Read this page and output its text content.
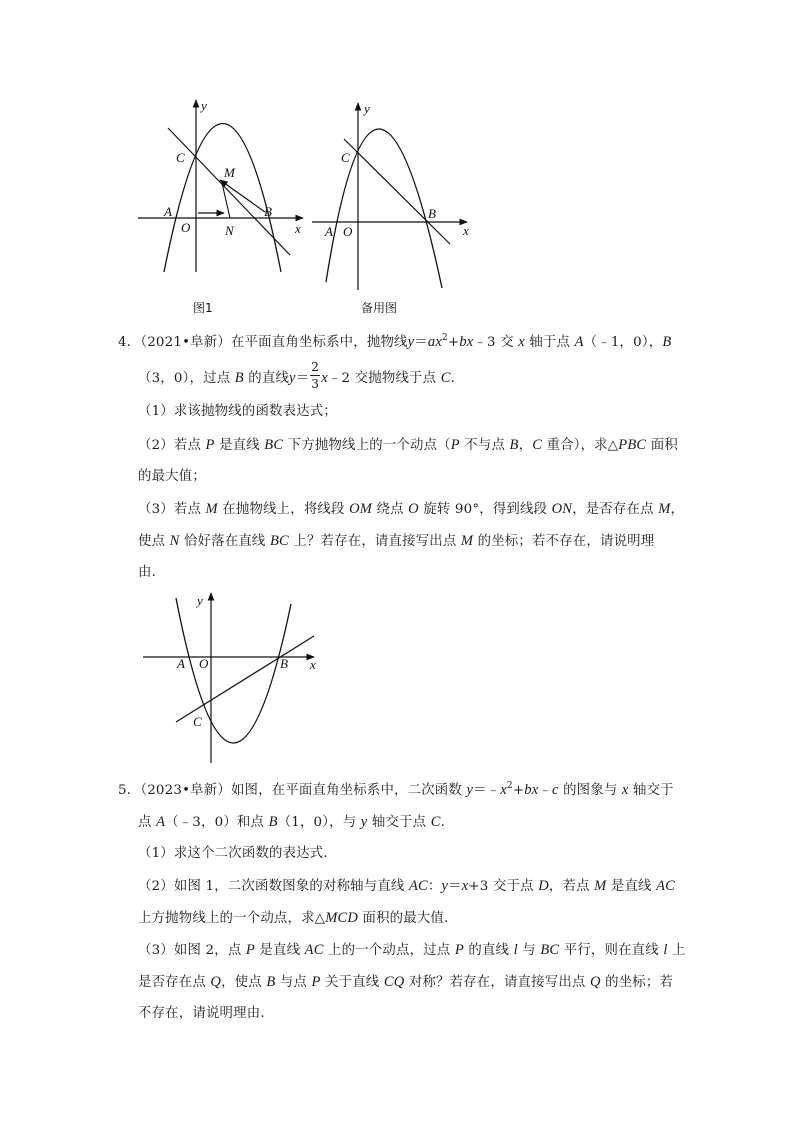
y
x
C
M
A
O	N
B
图1
y
x
C
A O
B
备用图
4．（2021•阜新）在平面直角坐标系中，抛物线$y=ax^2+bx﹣3$ 交 x 轴于点 A（﹣1，0），B
（3，0），过点 B 的直线$y= \frac{2}{3}$ x﹣2 交抛物线于点 C．
（1）求该抛物线的函数表达式；
（2）若点 P 是直线 BC 下方抛物线上的一个动点（P 不与点 B，C 重合），求△PBC 面积
的最大值；
（3）若点 M 在抛物线上，将线段 OM 绕点 O 旋转 90°，得到线段 ON，是否存在点 M，
使点 N 恰好落在直线 BC 上？若存在，请直接写出点 M 的坐标；若不存在，请说明理
由．
y
x
A O	B
C
5．（2023•阜新）如图，在平面直角坐标系中，二次函数 $y=﹣x^2+bx﹣c$ 的图象与 x 轴交于
点 A（﹣3，0）和点 B（1，0），与 y 轴交于点 C．
（1）求这个二次函数的表达式．
（2）如图 1，二次函数图象的对称轴与直线 AC：y＝x+3 交于点 D，若点 M 是直线 AC
上方抛物线上的一个动点，求△MCD 面积的最大值．
（3）如图 2，点 P 是直线 AC 上的一个动点，过点 P 的直线 l 与 BC 平行，则在直线 l 上
是否存在点 Q，使点 B 与点 P 关于直线 CQ 对称？若存在，请直接写出点 Q 的坐标；若
不存在，请说明理由．
